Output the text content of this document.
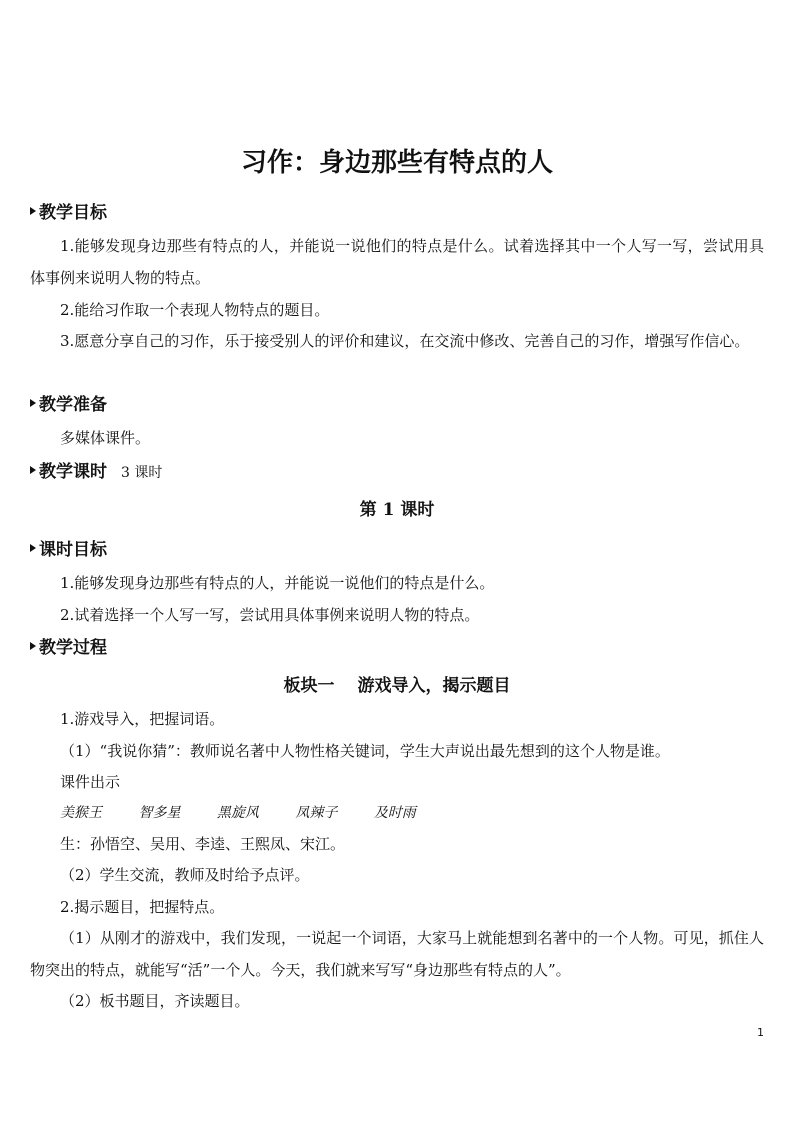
习作：身边那些有特点的人
教学目标
1.能够发现身边那些有特点的人，并能说一说他们的特点是什么。试着选择其中一个人写一写，尝试用具体事例来说明人物的特点。
2.能给习作取一个表现人物特点的题目。
3.愿意分享自己的习作，乐于接受别人的评价和建议，在交流中修改、完善自己的习作，增强写作信心。
教学准备
多媒体课件。
教学课时 3 课时
第 1 课时
课时目标
1.能够发现身边那些有特点的人，并能说一说他们的特点是什么。
2.试着选择一个人写一写，尝试用具体事例来说明人物的特点。
教学过程
板块一　 游戏导入，揭示题目
1.游戏导入，把握词语。
（1）“我说你猜”：教师说名著中人物性格关键词，学生大声说出最先想到的这个人物是谁。
课件出示
美猴王	智多星	黑旋风	凤辣子	及时雨
生：孙悟空、吴用、李逵、王熙凤、宋江。
（2）学生交流，教师及时给予点评。
2.揭示题目，把握特点。
（1）从刚才的游戏中，我们发现，一说起一个词语，大家马上就能想到名著中的一个人物。可见，抓住人物突出的特点，就能写“活”一个人。今天，我们就来写写“身边那些有特点的人”。
（2）板书题目，齐读题目。
1
